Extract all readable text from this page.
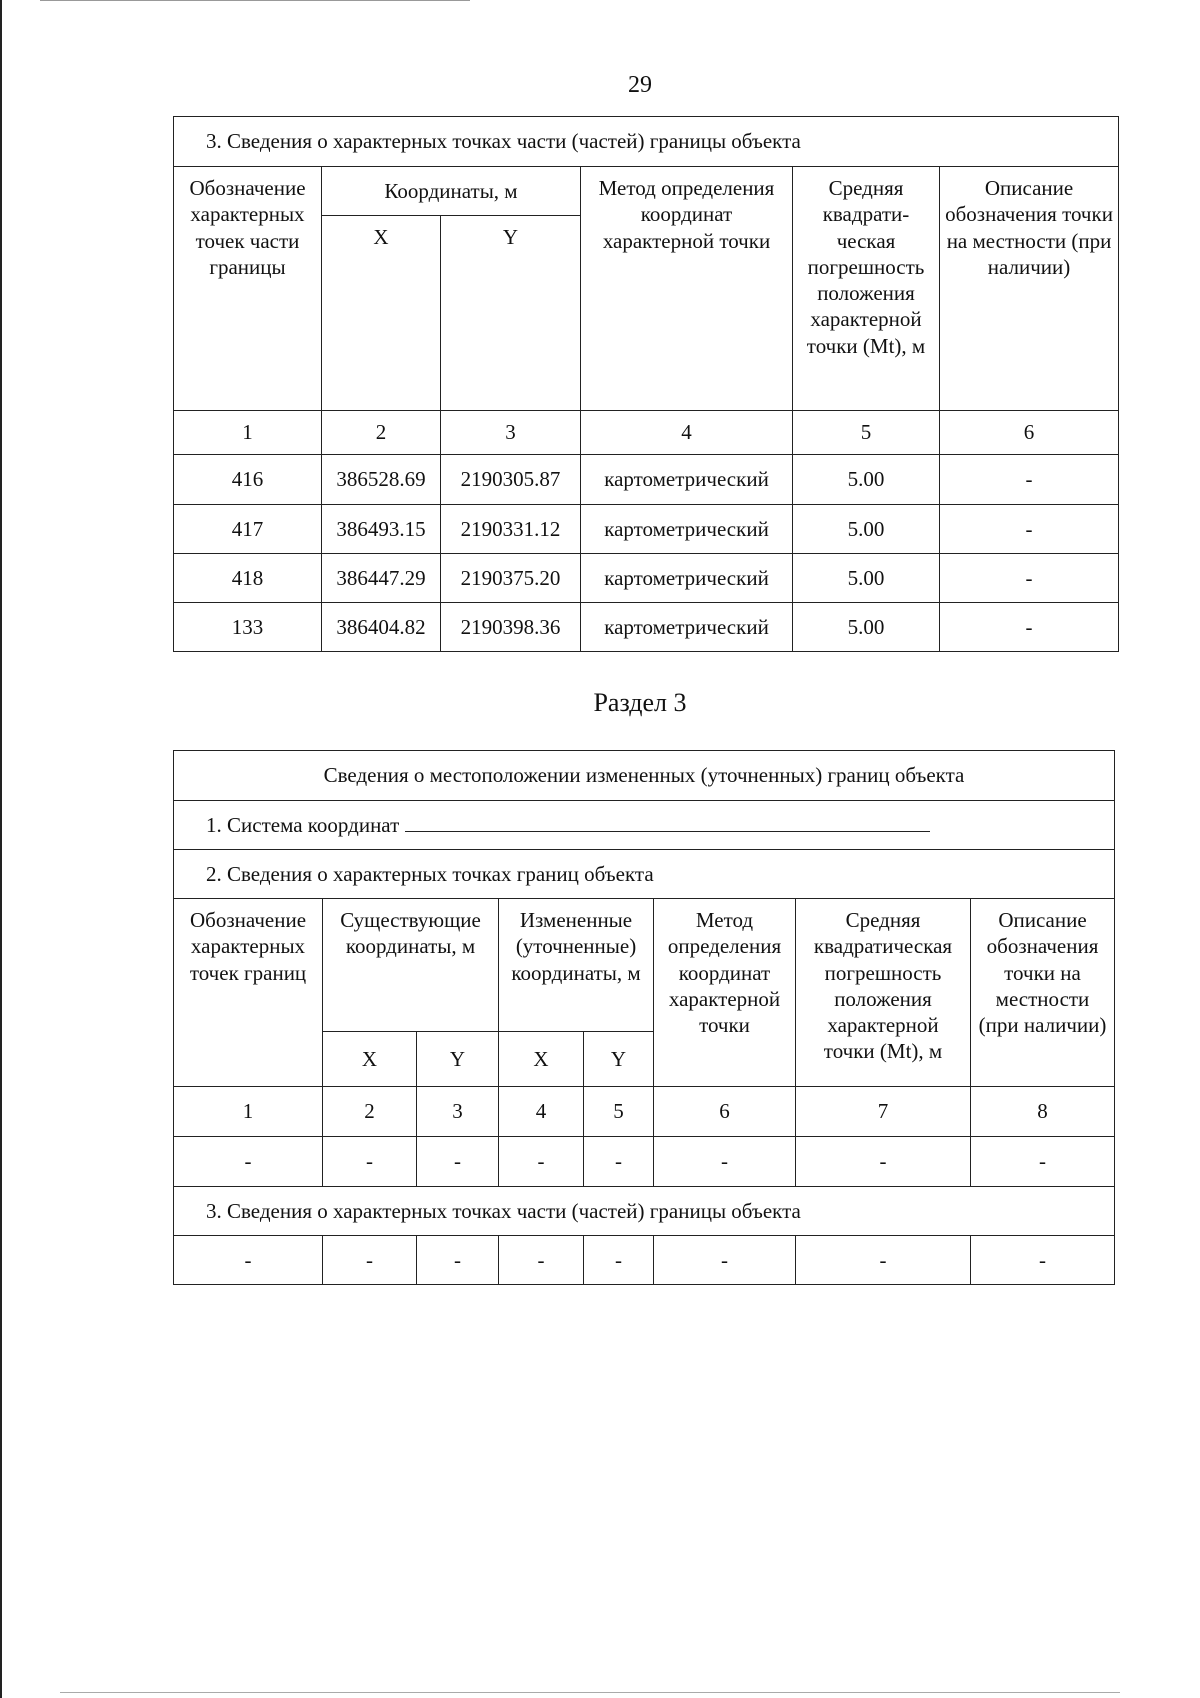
29
3. Сведения о характерных точках части (частей) границы объекта					
Обозначение характерных точек части границы	Координаты, м		Метод определения координат характерной точки	Средняя квадрати-ческая погрешность положения характерной точки (Mt), м	Описание обозначения точки на местности (при наличии)
	X	Y			
1	2	3	4	5	6
416	386528.69	2190305.87	картометрический	5.00	-
417	386493.15	2190331.12	картометрический	5.00	-
418	386447.29	2190375.20	картометрический	5.00	-
133	386404.82	2190398.36	картометрический	5.00	-
Раздел 3
Сведения о местоположении измененных (уточненных) границ объекта							
1. Система координат							
2. Сведения о характерных точках границ объекта							
Обозначение характерных точек границ	Существующие координаты, м		Измененные (уточненные) координаты, м		Метод определения координат характерной точки	Средняя квадратическая погрешность положения характерной точки (Mt), м	Описание обозначения точки на местности (при наличии)
	X	Y	X	Y			
1	2	3	4	5	6	7	8
-	-	-	-	-	-	-	-
3. Сведения о характерных точках части (частей) границы объекта							
-	-	-	-	-	-	-	-
